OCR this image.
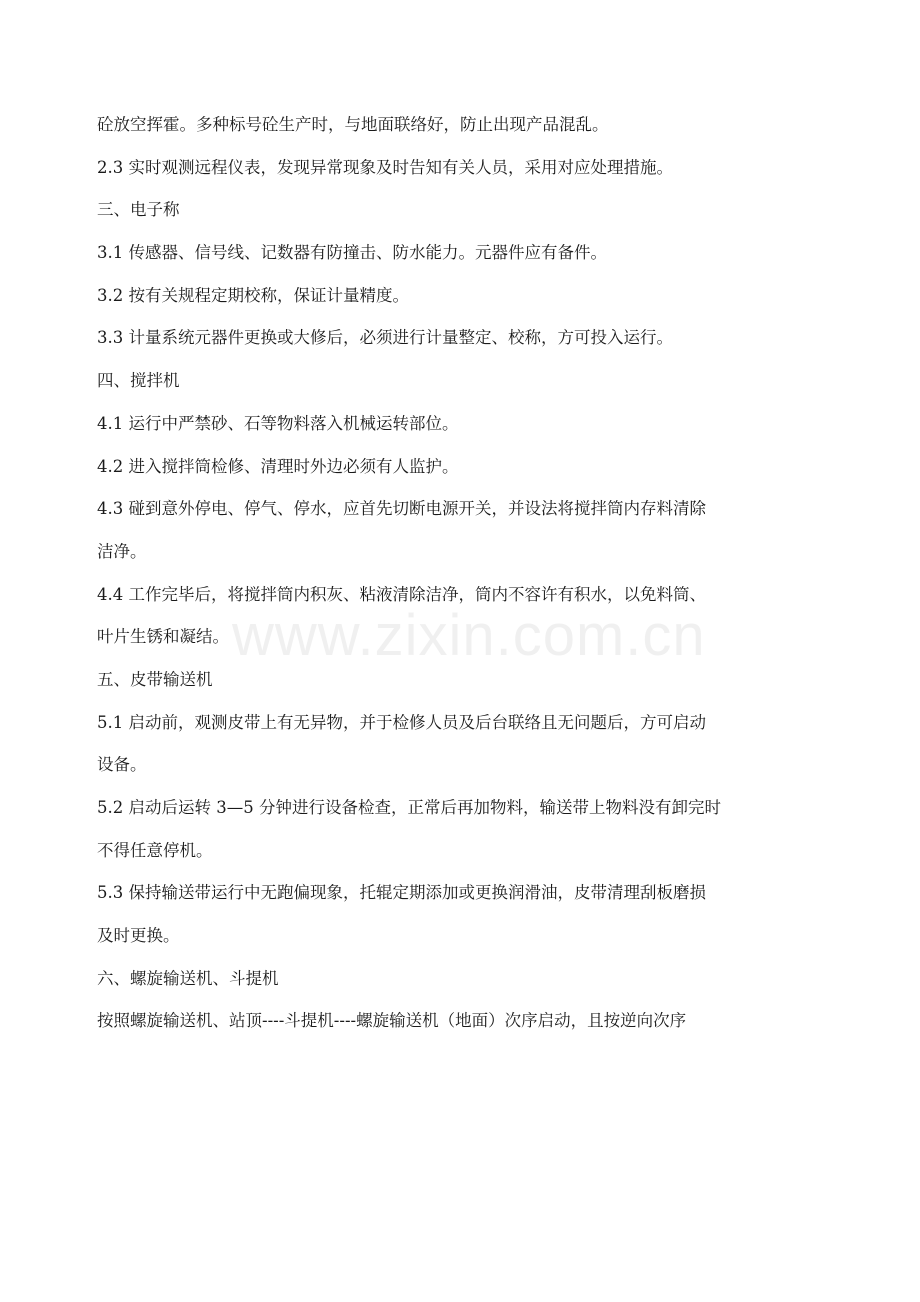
砼放空挥霍。多种标号砼生产时，与地面联络好，防止出现产品混乱。

2.3 实时观测远程仪表，发现异常现象及时告知有关人员，采用对应处理措施。

三、电子称

3.1 传感器、信号线、记数器有防撞击、防水能力。元器件应有备件。

3.2 按有关规程定期校称，保证计量精度。

3.3 计量系统元器件更换或大修后，必须进行计量整定、校称，方可投入运行。

四、搅拌机

4.1 运行中严禁砂、石等物料落入机械运转部位。

4.2 进入搅拌筒检修、清理时外边必须有人监护。

4.3 碰到意外停电、停气、停水，应首先切断电源开关，并设法将搅拌筒内存料清除

洁净。

4.4 工作完毕后，将搅拌筒内积灰、粘液清除洁净，筒内不容许有积水，以免料筒、

叶片生锈和凝结。

五、皮带输送机

5.1 启动前，观测皮带上有无异物，并于检修人员及后台联络且无问题后，方可启动

设备。

5.2 启动后运转 3—5 分钟进行设备检查，正常后再加物料，输送带上物料没有卸完时

不得任意停机。

5.3 保持输送带运行中无跑偏现象，托辊定期添加或更换润滑油，皮带清理刮板磨损

及时更换。

六、螺旋输送机、斗提机

按照螺旋输送机、站顶----斗提机----螺旋输送机（地面）次序启动，且按逆向次序

www.zixin.com.cn
